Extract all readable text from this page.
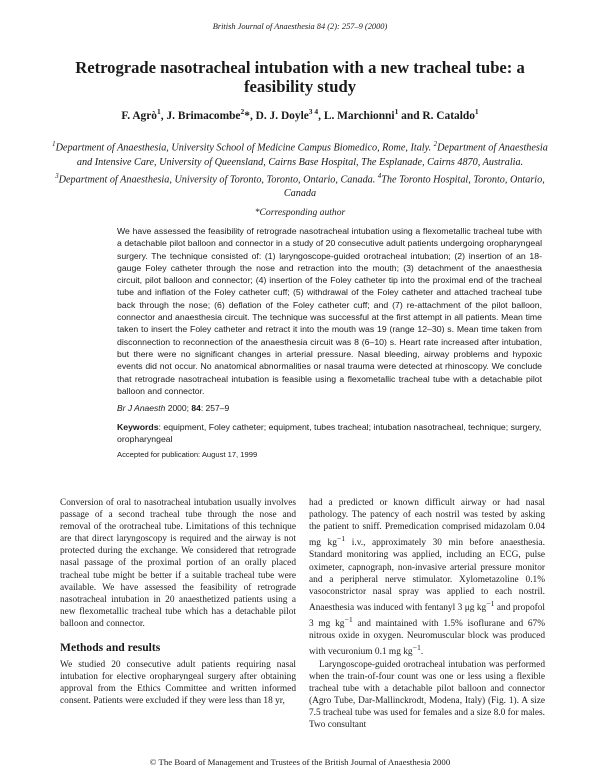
British Journal of Anaesthesia 84 (2): 257–9 (2000)
Retrograde nasotracheal intubation with a new tracheal tube: a feasibility study

F. Agrò$^1$, J. Brimacombe$^2$*, D. J. Doyle$^{3 4}$, L. Marchionni$^1$ and R. Cataldo$^1$

$^1$Department of Anaesthesia, University School of Medicine Campus Biomedico, Rome, Italy. $^2$Department of Anaesthesia and Intensive Care, University of Queensland, Cairns Base Hospital, The Esplanade, Cairns 4870, Australia. $^3$Department of Anaesthesia, University of Toronto, Toronto, Ontario, Canada. $^4$The Toronto Hospital, Toronto, Ontario, Canada

*Corresponding author

We have assessed the feasibility of retrograde nasotracheal intubation using a flexometallic tracheal tube with a detachable pilot balloon and connector in a study of 20 consecutive adult patients undergoing oropharyngeal surgery. The technique consisted of: (1) laryngoscope-guided orotracheal intubation; (2) insertion of an 18-gauge Foley catheter through the nose and retraction into the mouth; (3) detachment of the anaesthesia circuit, pilot balloon and connector; (4) insertion of the Foley catheter tip into the proximal end of the tracheal tube and inflation of the Foley catheter cuff; (5) withdrawal of the Foley catheter and attached tracheal tube back through the nose; (6) deflation of the Foley catheter cuff; and (7) re-attachment of the pilot balloon, connector and anaesthesia circuit. The technique was successful at the first attempt in all patients. Mean time taken to insert the Foley catheter and retract it into the mouth was 19 (range 12–30) s. Mean time taken from disconnection to reconnection of the anaesthesia circuit was 8 (6–10) s. Heart rate increased after intubation, but there were no significant changes in arterial pressure. Nasal bleeding, airway problems and hypoxic events did not occur. No anatomical abnormalities or nasal trauma were detected at rhinoscopy. We conclude that retrograde nasotracheal intubation is feasible using a flexometallic tracheal tube with a detachable pilot balloon and connector.

Br J Anaesth 2000; 84: 257–9

Keywords: equipment, Foley catheter; equipment, tubes tracheal; intubation nasotracheal, technique; surgery, oropharyngeal

Accepted for publication: August 17, 1999

Conversion of oral to nasotracheal intubation usually involves passage of a second tracheal tube through the nose and removal of the orotracheal tube. Limitations of this technique are that direct laryngoscopy is required and the airway is not protected during the exchange. We considered that retrograde nasal passage of the proximal portion of an orally placed tracheal tube might be better if a suitable tracheal tube were available. We have assessed the feasibility of retrograde nasotracheal intubation in 20 anaesthetized patients using a new flexometallic tracheal tube which has a detachable pilot balloon and connector.

Methods and results

We studied 20 consecutive adult patients requiring nasal intubation for elective oropharyngeal surgery after obtaining approval from the Ethics Committee and written informed consent. Patients were excluded if they were less than 18 yr,

had a predicted or known difficult airway or had nasal pathology. The patency of each nostril was tested by asking the patient to sniff. Premedication comprised midazolam 0.04 mg $kg^{-1}$ i.v., approximately 30 min before anaesthesia. Standard monitoring was applied, including an ECG, pulse oximeter, capnograph, non-invasive arterial pressure monitor and a peripheral nerve stimulator. Xylometazoline 0.1% vasoconstrictor nasal spray was applied to each nostril. Anaesthesia was induced with fentanyl 3 μg $kg^{-1}$ and propofol 3 mg $kg^{-1}$ and maintained with 1.5% isoflurane and 67% nitrous oxide in oxygen. Neuromuscular block was produced with vecuronium 0.1 mg $kg^{-1}$.

Laryngoscope-guided orotracheal intubation was performed when the train-of-four count was one or less using a flexible tracheal tube with a detachable pilot balloon and connector (Agro Tube, Dar-Mallinckrodt, Modena, Italy) (Fig. 1). A size 7.5 tracheal tube was used for females and a size 8.0 for males. Two consultant

© The Board of Management and Trustees of the British Journal of Anaesthesia 2000
